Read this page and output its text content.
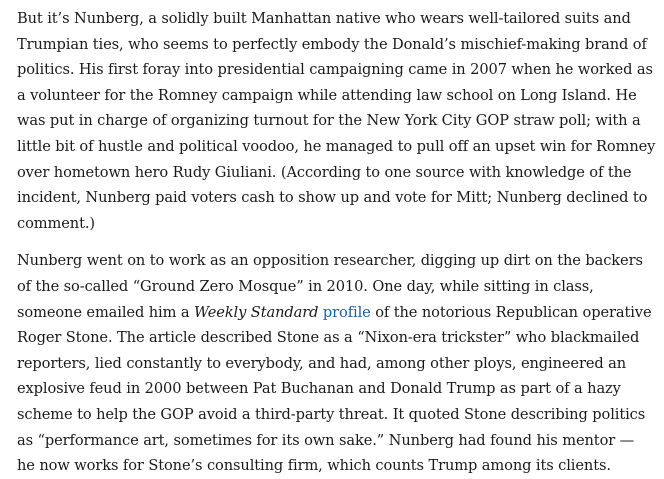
But it’s Nunberg, a solidly built Manhattan native who wears well-tailored suits and Trumpian ties, who seems to perfectly embody the Donald’s mischief-making brand of politics. His first foray into presidential campaigning came in 2007 when he worked as a volunteer for the Romney campaign while attending law school on Long Island. He was put in charge of organizing turnout for the New York City GOP straw poll; with a little bit of hustle and political voodoo, he managed to pull off an upset win for Romney over hometown hero Rudy Giuliani. (According to one source with knowledge of the incident, Nunberg paid voters cash to show up and vote for Mitt; Nunberg declined to comment.)

Nunberg went on to work as an opposition researcher, digging up dirt on the backers of the so-called “Ground Zero Mosque” in 2010. One day, while sitting in class, someone emailed him a Weekly Standard profile of the notorious Republican operative Roger Stone. The article described Stone as a “Nixon-era trickster” who blackmailed reporters, lied constantly to everybody, and had, among other ploys, engineered an explosive feud in 2000 between Pat Buchanan and Donald Trump as part of a hazy scheme to help the GOP avoid a third-party threat. It quoted Stone describing politics as “performance art, sometimes for its own sake.” Nunberg had found his mentor — he now works for Stone’s consulting firm, which counts Trump among its clients.
